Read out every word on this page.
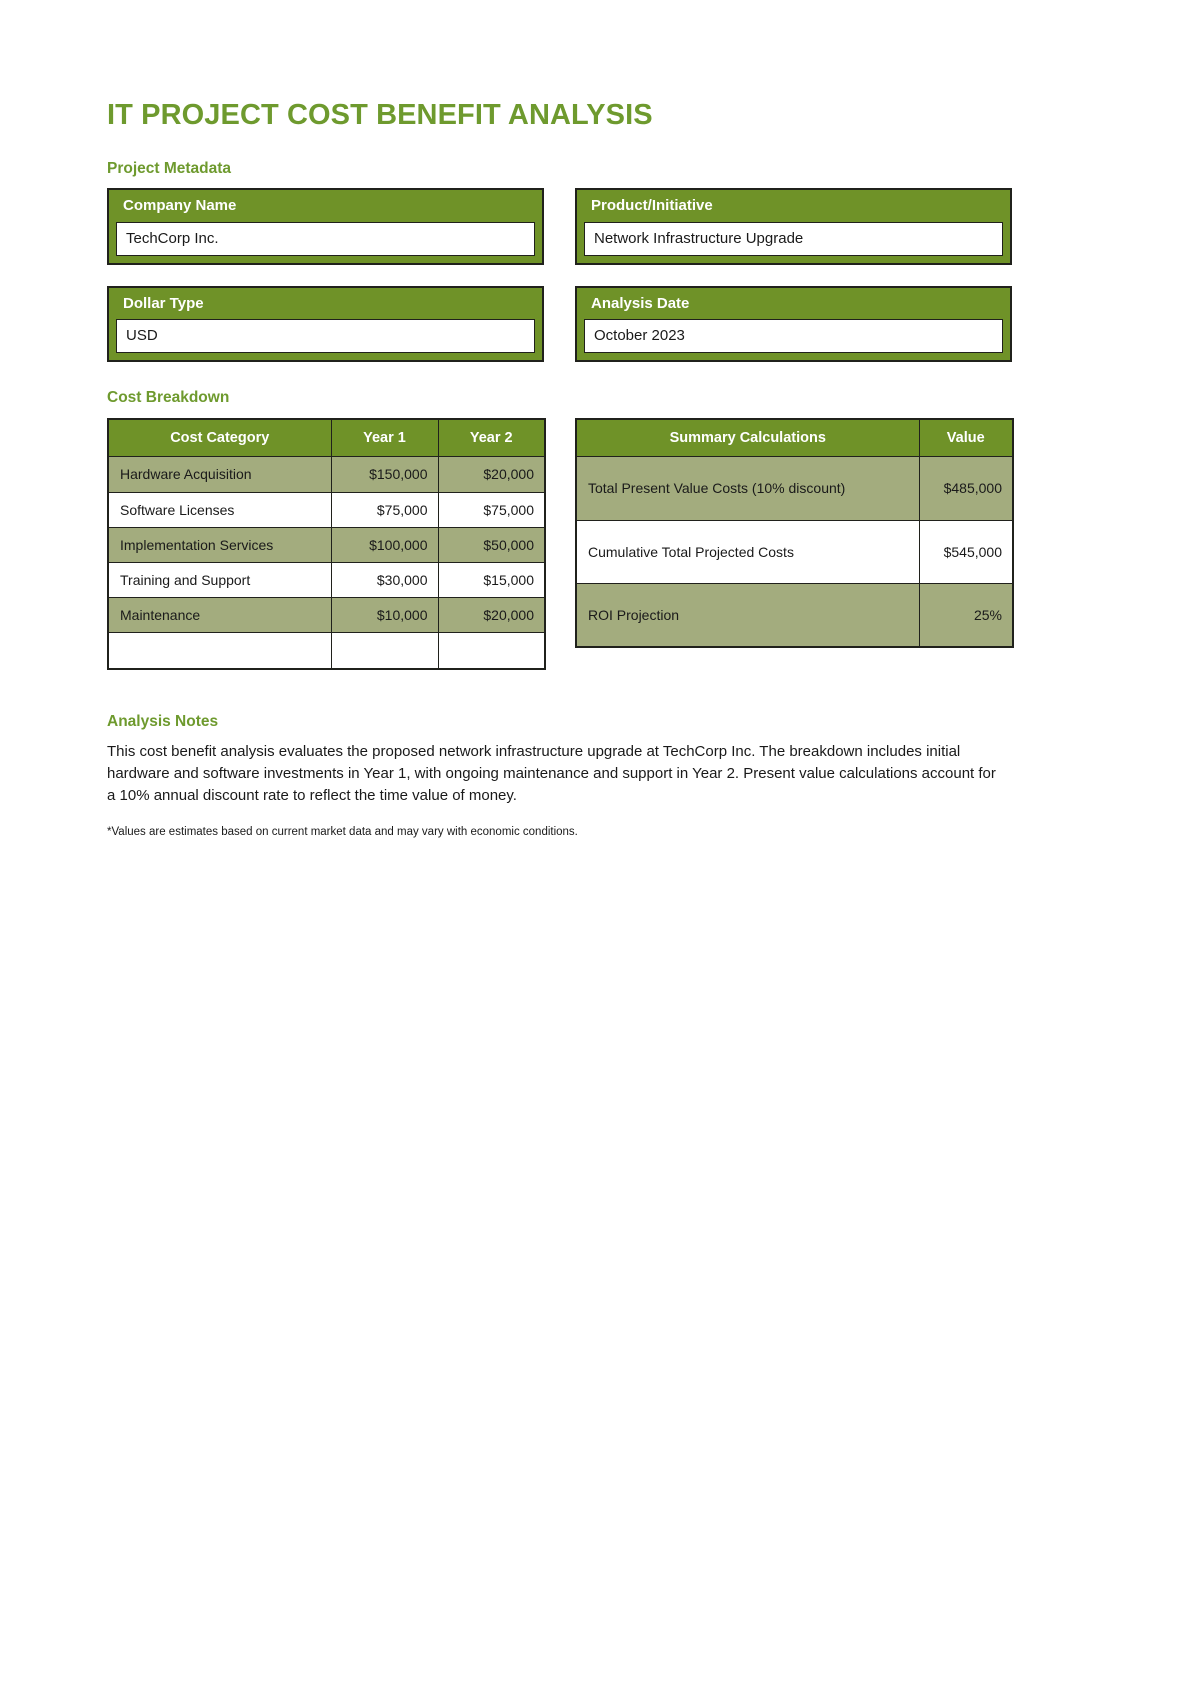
IT PROJECT COST BENEFIT ANALYSIS
Project Metadata
Company Name
TechCorp Inc.	Product/Initiative
Network Infrastructure Upgrade
Dollar Type
USD	Analysis Date
October 2023
Cost Breakdown
Cost Category	Year 1	Year 2
Hardware Acquisition	$150,000	$20,000
Software Licenses	$75,000	$75,000
Implementation Services	$100,000	$50,000
Training and Support	$30,000	$15,000
Maintenance	$10,000	$20,000

Summary Calculations	Value
Total Present Value Costs (10% discount)	$485,000
Cumulative Total Projected Costs	$545,000
ROI Projection	25%
Analysis Notes

This cost benefit analysis evaluates the proposed network infrastructure upgrade at TechCorp Inc. The breakdown includes initial hardware and software investments in Year 1, with ongoing maintenance and support in Year 2. Present value calculations account for a 10% annual discount rate to reflect the time value of money.

*Values are estimates based on current market data and may vary with economic conditions.
